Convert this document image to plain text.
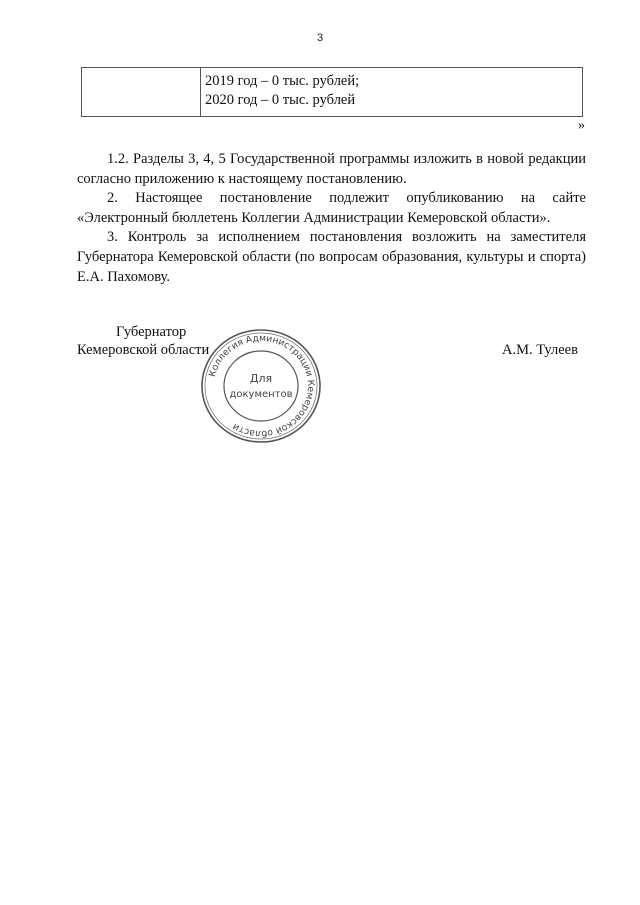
3

2019 год – 0 тыс. рублей;
2020 год – 0 тыс. рублей
»

1.2. Разделы 3, 4, 5 Государственной программы изложить в новой редакции согласно приложению к настоящему постановлению.

2. Настоящее постановление подлежит опубликованию на сайте «Электронный бюллетень Коллегии Администрации Кемеровской области».

3. Контроль за исполнением постановления возложить на заместителя Губернатора Кемеровской области (по вопросам образования, культуры и спорта) Е.А. Пахомову.

Губернатор
Кемеровской области	А.М. Тулеев
Коллегия Администрации Кемеровской области
Для
документов
